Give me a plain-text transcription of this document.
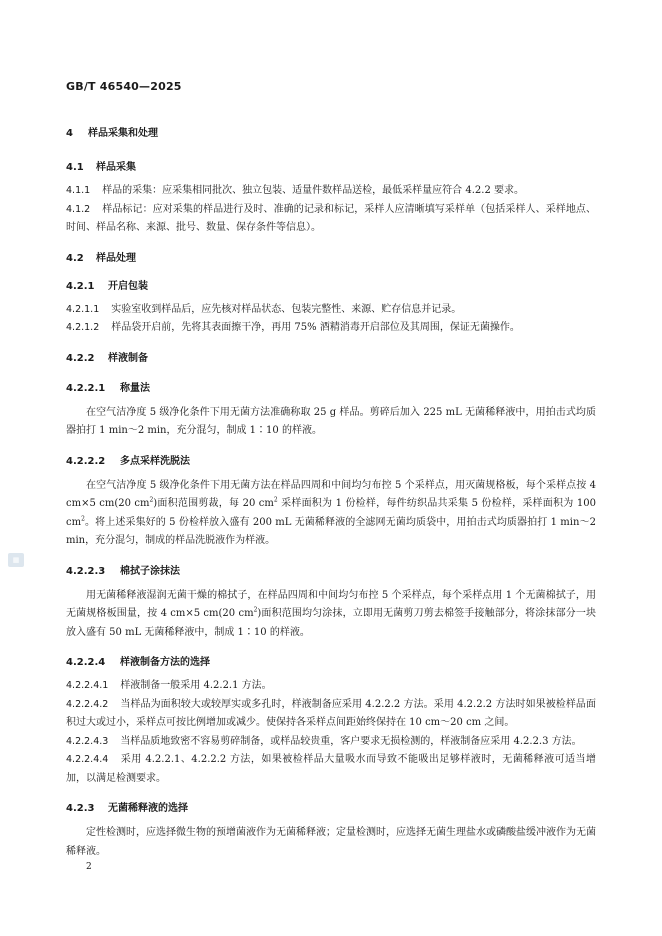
GB/T 46540—2025
4	样品采集和处理
4.1	样品采集
4.1.1 样品的采集：应采集相同批次、独立包装、适量件数样品送检，最低采样量应符合 4.2.2 要求。
4.1.2 样品标记：应对采集的样品进行及时、准确的记录和标记，采样人应清晰填写采样单（包括采样人、采样地点、时间、样品名称、来源、批号、数量、保存条件等信息）。
4.2	样品处理
4.2.1	开启包装
4.2.1.1 实验室收到样品后，应先核对样品状态、包装完整性、来源、贮存信息并记录。
4.2.1.2 样品袋开启前，先将其表面擦干净，再用 75% 酒精消毒开启部位及其周围，保证无菌操作。
4.2.2	样液制备
4.2.2.1	称量法
在空气洁净度 5 级净化条件下用无菌方法准确称取 25 g 样品。剪碎后加入 225 mL 无菌稀释液中，用拍击式均质器拍打 1 min～2 min，充分混匀，制成 1∶10 的样液。
4.2.2.2	多点采样洗脱法
在空气洁净度 5 级净化条件下用无菌方法在样品四周和中间均匀布控 5 个采样点，用灭菌规格板，每个采样点按 4 cm×5 cm(20 $cm^2$)面积范围剪裁，每 20 $cm^2$ 采样面积为 1 份检样，每件纺织品共采集 5 份检样，采样面积为 100 $cm^2$。将上述采集好的 5 份检样放入盛有 200 mL 无菌稀释液的全滤网无菌均质袋中，用拍击式均质器拍打 1 min～2 min，充分混匀，制成的样品洗脱液作为样液。
4.2.2.3	棉拭子涂抹法
用无菌稀释液湿润无菌干燥的棉拭子，在样品四周和中间均匀布控 5 个采样点，每个采样点用 1 个无菌棉拭子，用无菌规格板围量，按 4 cm×5 cm(20 $cm^2$)面积范围均匀涂抹，立即用无菌剪刀剪去棉签手接触部分，将涂抹部分一块放入盛有 50 mL 无菌稀释液中，制成 1∶10 的样液。
4.2.2.4	样液制备方法的选择
4.2.2.4.1 样液制备一般采用 4.2.2.1 方法。
4.2.2.4.2 当样品为面积较大或较厚实或多孔时，样液制备应采用 4.2.2.2 方法。采用 4.2.2.2 方法时如果被检样品面积过大或过小，采样点可按比例增加或减少。使保持各采样点间距始终保持在 10 cm～20 cm 之间。
4.2.2.4.3 当样品质地致密不容易剪碎制备，或样品较贵重，客户要求无损检测的，样液制备应采用 4.2.2.3 方法。
4.2.2.4.4 采用 4.2.2.1、4.2.2.2 方法，如果被检样品大量吸水而导致不能吸出足够样液时，无菌稀释液可适当增加，以满足检测要求。
4.2.3	无菌稀释液的选择
定性检测时，应选择微生物的预增菌液作为无菌稀释液；定量检测时，应选择无菌生理盐水或磷酸盐缓冲液作为无菌稀释液。
▦
2
